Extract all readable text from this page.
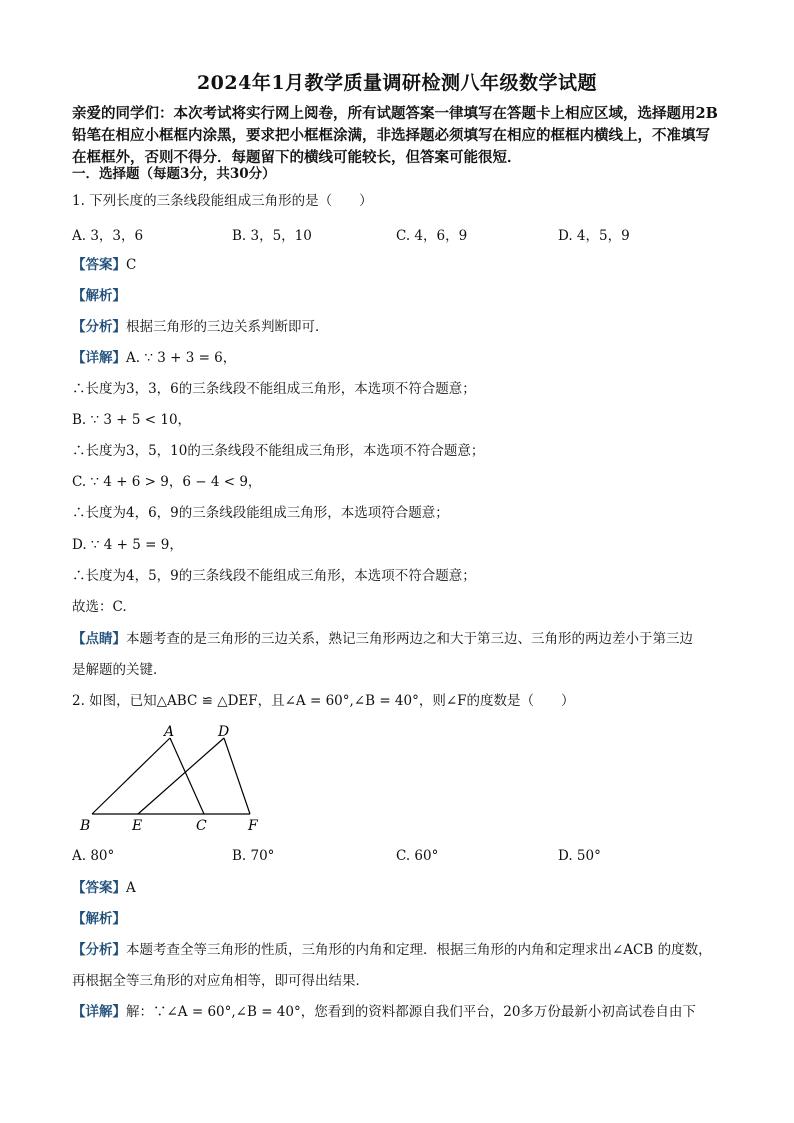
2024年1月教学质量调研检测八年级数学试题
亲爱的同学们：本次考试将实行网上阅卷，所有试题答案一律填写在答题卡上相应区域，选择题用2B铅笔在相应小框框内涂黑，要求把小框框涂满，非选择题必须填写在相应的框框内横线上，不准填写在框框外，否则不得分．每题留下的横线可能较长，但答案可能很短．
一．选择题（每题3分，共30分）
1. 下列长度的三条线段能组成三角形的是（　　）
A. 3，3，6	B. 3，5，10	C. 4，6，9	D. 4，5，9
【答案】C
【解析】
【分析】根据三角形的三边关系判断即可．
【详解】A. ∵ 3 + 3 = 6，
∴长度为3，3，6的三条线段不能组成三角形，本选项不符合题意；
B. ∵ 3 + 5 < 10，
∴长度为3，5，10的三条线段不能组成三角形，本选项不符合题意；
C. ∵ 4 + 6 > 9，6 − 4 < 9，
∴长度为4，6，9的三条线段能组成三角形，本选项符合题意；
D. ∵ 4 + 5 = 9，
∴长度为4，5，9的三条线段不能组成三角形，本选项不符合题意；
故选：C.
【点睛】本题考查的是三角形的三边关系，熟记三角形两边之和大于第三边、三角形的两边差小于第三边
是解题的关键．
2. 如图，已知△ABC ≌ △DEF，且∠A = 60°,∠B = 40°，则∠F的度数是（　　）
A	D
B	E	C	F
A. 80°	B. 70°	C. 60°	D. 50°
【答案】A
【解析】
【分析】本题考查全等三角形的性质，三角形的内角和定理．根据三角形的内角和定理求出∠ACB 的度数，
再根据全等三角形的对应角相等，即可得出结果．
【详解】解：∵∠A = 60°,∠B = 40°，您看到的资料都源自我们平台，20多万份最新小初高试卷自由下
